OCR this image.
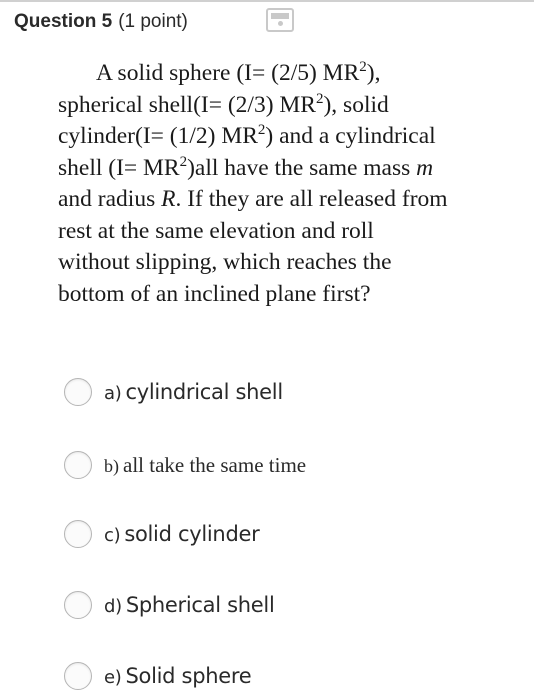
Question 5 (1 point)
A solid sphere (I= (2/5) $MR^2$),
spherical shell(I= (2/3) $MR^2$), solid
cylinder(I= (1/2) $MR^2$) and a cylindrical
shell $(I= MR^2)all$ have the same mass m
and radius R. If they are all released from
rest at the same elevation and roll
without slipping, which reaches the
bottom of an inclined plane first?
a) cylindrical shell
b) all take the same time
c) solid cylinder
d) Spherical shell
e) Solid sphere
